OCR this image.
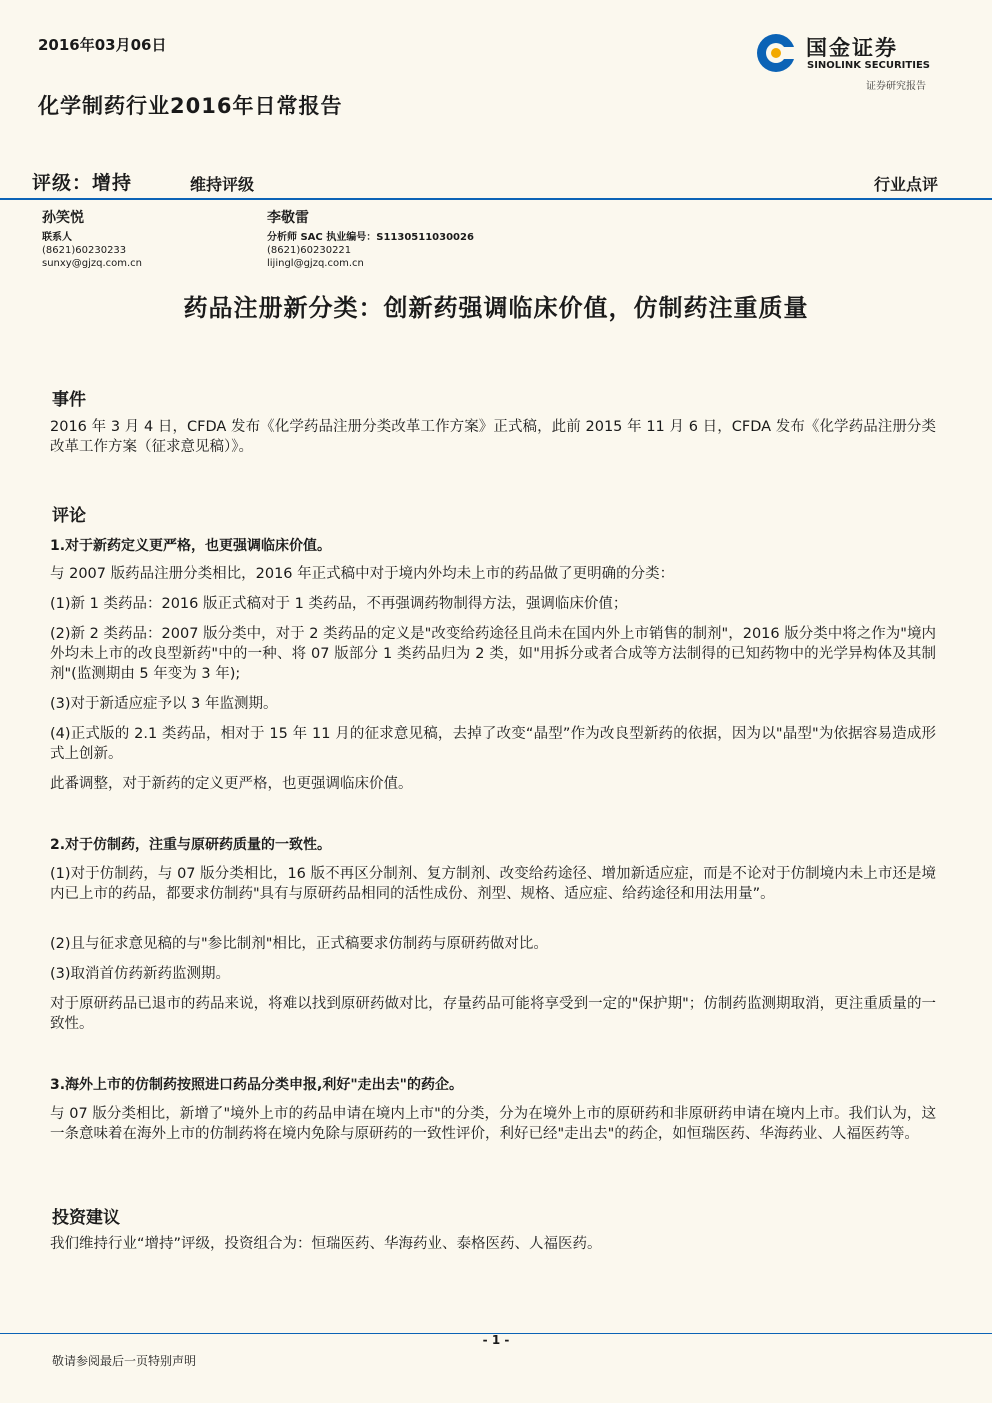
2016年03月06日	国金证券
SINOLINK SECURITIES
证券研究报告
化学制药行业2016年日常报告
评级：增持	维持评级	行业点评
孙笑悦
联系人
(8621)60230233
sunxy@gjzq.com.cn
李敬雷
分析师 SAC 执业编号：S1130511030026
(8621)60230221
lijingl@gjzq.com.cn
药品注册新分类：创新药强调临床价值，仿制药注重质量
事件
2016 年 3 月 4 日，CFDA 发布《化学药品注册分类改革工作方案》正式稿，此前 2015 年 11 月 6 日，CFDA 发布《化学药品注册分类改革工作方案（征求意见稿）》。
评论
1.对于新药定义更严格，也更强调临床价值。
与 2007 版药品注册分类相比，2016 年正式稿中对于境内外均未上市的药品做了更明确的分类：
(1)新 1 类药品：2016 版正式稿对于 1 类药品，不再强调药物制得方法，强调临床价值；
(2)新 2 类药品：2007 版分类中，对于 2 类药品的定义是"改变给药途径且尚未在国内外上市销售的制剂"，2016 版分类中将之作为"境内外均未上市的改良型新药"中的一种、将 07 版部分 1 类药品归为 2 类，如"用拆分或者合成等方法制得的已知药物中的光学异构体及其制剂"(监测期由 5 年变为 3 年);
(3)对于新适应症予以 3 年监测期。
(4)正式版的 2.1 类药品，相对于 15 年 11 月的征求意见稿，去掉了改变“晶型”作为改良型新药的依据，因为以"晶型"为依据容易造成形式上创新。
此番调整，对于新药的定义更严格，也更强调临床价值。
2.对于仿制药，注重与原研药质量的一致性。
(1)对于仿制药，与 07 版分类相比，16 版不再区分制剂、复方制剂、改变给药途径、增加新适应症，而是不论对于仿制境内未上市还是境内已上市的药品，都要求仿制药"具有与原研药品相同的活性成份、剂型、规格、适应症、给药途径和用法用量”。
(2)且与征求意见稿的与"参比制剂"相比，正式稿要求仿制药与原研药做对比。
(3)取消首仿药新药监测期。
对于原研药品已退市的药品来说，将难以找到原研药做对比，存量药品可能将享受到一定的"保护期"；仿制药监测期取消，更注重质量的一致性。
3.海外上市的仿制药按照进口药品分类申报,利好"走出去"的药企。
与 07 版分类相比，新增了"境外上市的药品申请在境内上市"的分类，分为在境外上市的原研药和非原研药申请在境内上市。我们认为，这一条意味着在海外上市的仿制药将在境内免除与原研药的一致性评价，利好已经"走出去"的药企，如恒瑞医药、华海药业、人福医药等。
投资建议
我们维持行业“增持”评级，投资组合为：恒瑞医药、华海药业、泰格医药、人福医药。
- 1 -
敬请参阅最后一页特别声明
